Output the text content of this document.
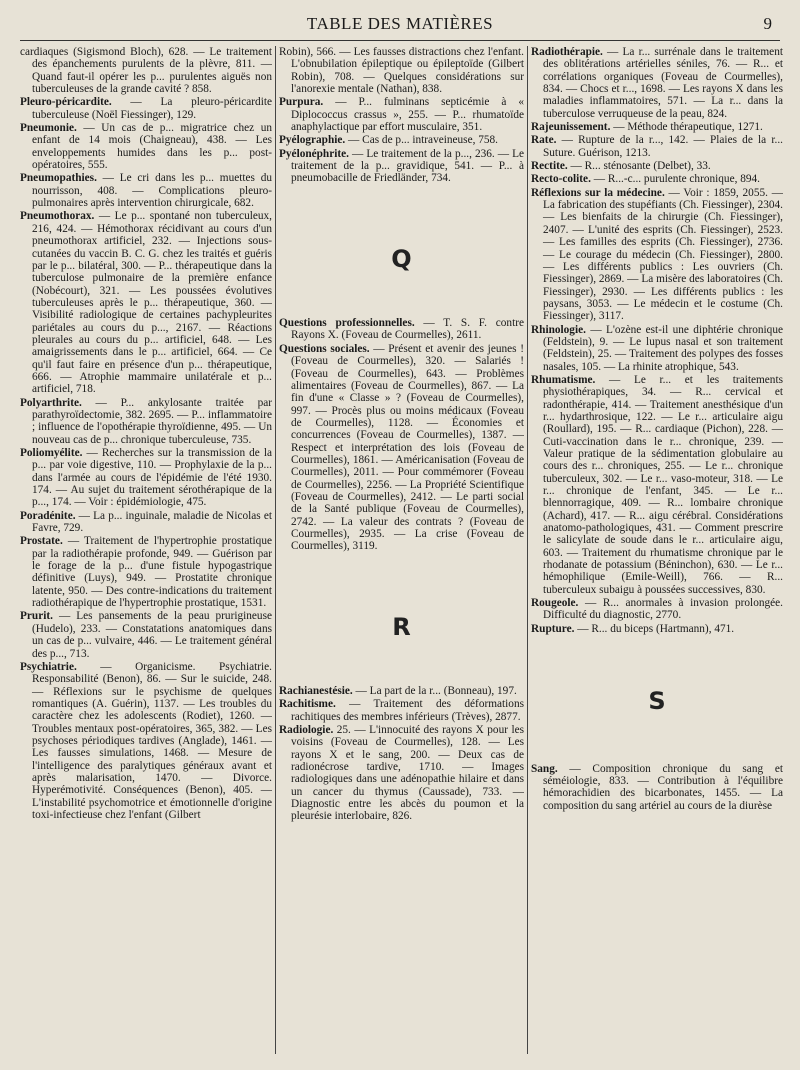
TABLE DES MATIÈRES	9

cardiaques (Sigismond Bloch), 628. — Le traitement des épanchements purulents de la plèvre, 811. — Quand faut-il opérer les p... purulentes aiguës non tuberculeuses de la grande cavité ? 858.

Pleuro-péricardite. — La pleuro-péricardite tuberculeuse (Noël Fiessinger), 129.

Pneumonie. — Un cas de p... migratrice chez un enfant de 14 mois (Chaigneau), 438. — Les enveloppements humides dans les p... post-opératoires, 555.

Pneumopathies. — Le cri dans les p... muettes du nourrisson, 408. — Complications pleuro-pulmonaires après intervention chirurgicale, 682.

Pneumothorax. — Le p... spontané non tuberculeux, 216, 424. — Hémothorax récidivant au cours d'un pneumothorax artificiel, 232. — Injections sous-cutanées du vaccin B. C. G. chez les traités et guéris par le p... bilatéral, 300. — P... thérapeutique dans la tuberculose pulmonaire de la première enfance (Nobécourt), 321. — Les poussées évolutives tuberculeuses après le p... thérapeutique, 360. — Visibilité radiologique de certaines pachypleurites pariétales au cours du p..., 2167. — Réactions pleurales au cours du p... artificiel, 648. — Les amaigrissements dans le p... artificiel, 664. — Ce qu'il faut faire en présence d'un p... thérapeutique, 666. — Atrophie mammaire unilatérale et p... artificiel, 718.

Polyarthrite. — P... ankylosante traitée par parathyroïdectomie, 382. 2695. — P... inflammatoire ; influence de l'opothérapie thyroïdienne, 495. — Un nouveau cas de p... chronique tuberculeuse, 735.

Poliomyélite. — Recherches sur la transmission de la p... par voie digestive, 110. — Prophylaxie de la p... dans l'armée au cours de l'épidémie de l'été 1930. 174. — Au sujet du traitement sérothérapique de la p..., 174. — Voir : épidémiologie, 475.

Poradénite. — La p... inguinale, maladie de Nicolas et Favre, 729.

Prostate. — Traitement de l'hypertrophie prostatique par la radiothérapie profonde, 949. — Guérison par le forage de la p... d'une fistule hypogastrique définitive (Luys), 949. — Prostatite chronique latente, 950. — Des contre-indications du traitement radiothérapique de l'hypertrophie prostatique, 1531.

Prurit. — Les pansements de la peau prurigineuse (Hudelo), 233. — Constatations anatomiques dans un cas de p... vulvaire, 446. — Le traitement général des p..., 713.

Psychiatrie. — Organicisme. Psychiatrie. Responsabilité (Benon), 86. — Sur le suicide, 248. — Réflexions sur le psychisme de quelques romantiques (A. Guérin), 1137. — Les troubles du caractère chez les adolescents (Rodiet), 1260. — Troubles mentaux post-opératoires, 365, 382. — Les psychoses périodiques tardives (Anglade), 1461. — Les fausses simulations, 1468. — Mesure de l'intelligence des paralytiques généraux avant et après malarisation, 1470. — Divorce. Hyperémotivité. Conséquences (Benon), 405. — L'instabilité psychomotrice et émotionnelle d'origine toxi-infectieuse chez l'enfant (Gilbert

Robin), 566. — Les fausses distractions chez l'enfant. L'obnubilation épileptique ou épileptoïde (Gilbert Robin), 708. — Quelques considérations sur l'anorexie mentale (Nathan), 838.

Purpura. — P... fulminans septicémie à « Diplococcus crassus », 255. — P... rhumatoïde anaphylactique par effort musculaire, 351.

Pyélographie. — Cas de p... intraveineuse, 758.

Pyélonéphrite. — Le traitement de la p..., 236. — Le traitement de la p... gravidique, 541. — P... à pneumobacille de Friedländer, 734.

Q

Questions professionnelles. — T. S. F. contre Rayons X. (Foveau de Courmelles), 2611.

Questions sociales. — Présent et avenir des jeunes ! (Foveau de Courmelles), 320. — Salariés ! (Foveau de Courmelles), 643. — Problèmes alimentaires (Foveau de Courmelles), 867. — La fin d'une « Classe » ? (Foveau de Courmelles), 997. — Procès plus ou moins médicaux (Foveau de Courmelles), 1128. — Économies et concurrences (Foveau de Courmelles), 1387. — Respect et interprétation des lois (Foveau de Courmelles), 1861. — Américanisation (Foveau de Courmelles), 2011. — Pour commémorer (Foveau de Courmelles), 2256. — La Propriété Scientifique (Foveau de Courmelles), 2412. — Le parti social de la Santé publique (Foveau de Courmelles), 2742. — La valeur des contrats ? (Foveau de Courmelles), 2935. — La crise (Foveau de Courmelles), 3119.

R

Rachianestésie. — La part de la r... (Bonneau), 197.

Rachitisme. — Traitement des déformations rachitiques des membres inférieurs (Trèves), 2877.

Radiologie. 25. — L'innocuité des rayons X pour les voisins (Foveau de Courmelles), 128. — Les rayons X et le sang, 200. — Deux cas de radionécrose tardive, 1710. — Images radiologiques dans une adénopathie hilaire et dans un cancer du thymus (Caussade), 733. — Diagnostic entre les abcès du poumon et la pleurésie interlobaire, 826.

Radiothérapie. — La r... surrénale dans le traitement des oblitérations artérielles séniles, 76. — R... et corrélations organiques (Foveau de Courmelles), 834. — Chocs et r..., 1698. — Les rayons X dans les maladies inflammatoires, 571. — La r... dans la tuberculose verruqueuse de la peau, 824.

Rajeunissement. — Méthode thérapeutique, 1271.

Rate. — Rupture de la r..., 142. — Plaies de la r... Suture. Guérison, 1213.

Rectite. — R... sténosante (Delbet), 33.

Recto-colite. — R...-c... purulente chronique, 894.

Réflexions sur la médecine. — Voir : 1859, 2055. — La fabrication des stupéfiants (Ch. Fiessinger), 2304. — Les bienfaits de la chirurgie (Ch. Fiessinger), 2407. — L'unité des esprits (Ch. Fiessinger), 2523. — Les familles des esprits (Ch. Fiessinger), 2736. — Le courage du médecin (Ch. Fiessinger), 2800. — Les différents publics : Les ouvriers (Ch. Fiessinger), 2869. — La misère des laboratoires (Ch. Fiessinger), 2930. — Les différents publics : les paysans, 3053. — Le médecin et le costume (Ch. Fiessinger), 3117.

Rhinologie. — L'ozène est-il une diphtérie chronique (Feldstein), 9. — Le lupus nasal et son traitement (Feldstein), 25. — Traitement des polypes des fosses nasales, 105. — La rhinite atrophique, 543.

Rhumatisme. — Le r... et les traitements physiothérapiques, 34. — R... cervical et radonthérapie, 414. — Traitement anesthésique d'un r... hydarthrosique, 122. — Le r... articulaire aigu (Roullard), 195. — R... cardiaque (Pichon), 228. — Cuti-vaccination dans le r... chronique, 239. — Valeur pratique de la sédimentation globulaire au cours des r... chroniques, 255. — Le r... chronique tuberculeux, 302. — Le r... vaso-moteur, 318. — Le r... chronique de l'enfant, 345. — Le r... blennorragique, 409. — R... lombaire chronique (Achard), 417. — R... aigu cérébral. Considérations anatomo-pathologiques, 431. — Comment prescrire le salicylate de soude dans le r... articulaire aigu, 603. — Traitement du rhumatisme chronique par le rhodanate de potassium (Béninchon), 630. — Le r... hémophilique (Emile-Weill), 766. — R... tuberculeux subaigu à poussées successives, 830.

Rougeole. — R... anormales à invasion prolongée. Difficulté du diagnostic, 2770.

Rupture. — R... du biceps (Hartmann), 471.

S

Sang. — Composition chronique du sang et séméiologie, 833. — Contribution à l'équilibre hémorachidien des bicarbonates, 1455. — La composition du sang artériel au cours de la diurèse
